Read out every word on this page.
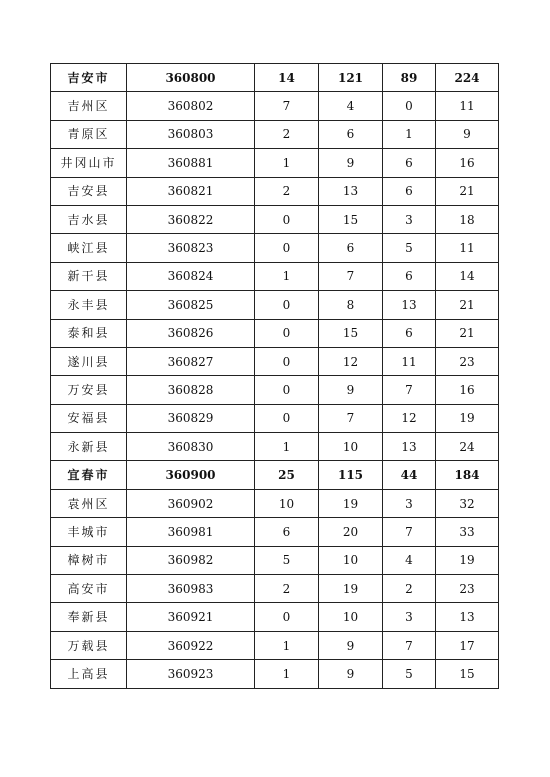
吉安市	360800	14	121	89	224
吉州区	360802	7	4	0	11
青原区	360803	2	6	1	9
井冈山市	360881	1	9	6	16
吉安县	360821	2	13	6	21
吉水县	360822	0	15	3	18
峡江县	360823	0	6	5	11
新干县	360824	1	7	6	14
永丰县	360825	0	8	13	21
泰和县	360826	0	15	6	21
遂川县	360827	0	12	11	23
万安县	360828	0	9	7	16
安福县	360829	0	7	12	19
永新县	360830	1	10	13	24
宜春市	360900	25	115	44	184
袁州区	360902	10	19	3	32
丰城市	360981	6	20	7	33
樟树市	360982	5	10	4	19
高安市	360983	2	19	2	23
奉新县	360921	0	10	3	13
万载县	360922	1	9	7	17
上高县	360923	1	9	5	15
